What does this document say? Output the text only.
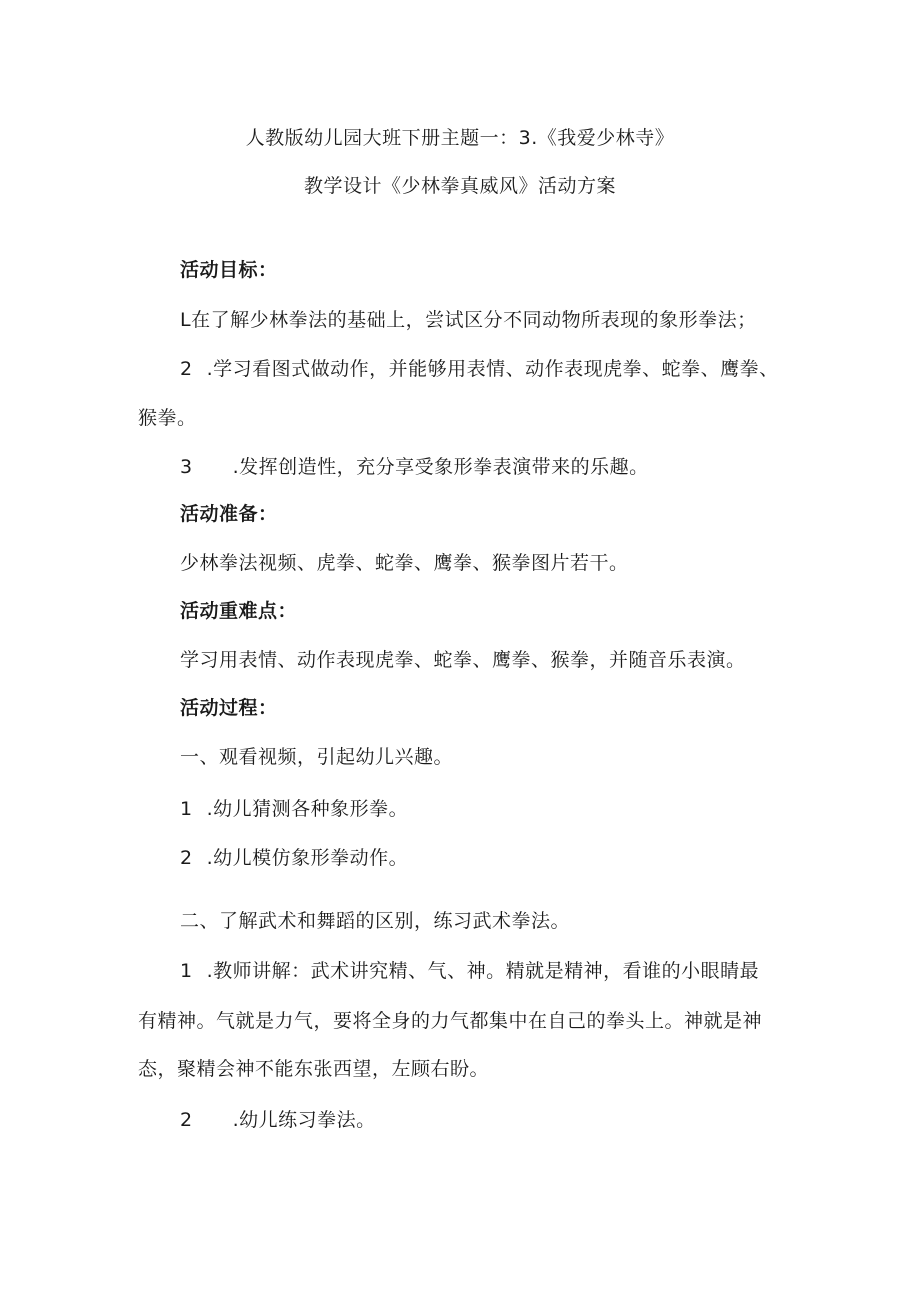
人教版幼儿园大班下册主题一：3.《我爱少林寺》
教学设计《少林拳真威风》活动方案
活动目标：
L在了解少林拳法的基础上，尝试区分不同动物所表现的象形拳法；
2 .学习看图式做动作，并能够用表情、动作表现虎拳、蛇拳、鹰拳、
猴拳。
3 .发挥创造性，充分享受象形拳表演带来的乐趣。
活动准备：
少林拳法视频、虎拳、蛇拳、鹰拳、猴拳图片若干。
活动重难点：
学习用表情、动作表现虎拳、蛇拳、鹰拳、猴拳，并随音乐表演。
活动过程：
一、观看视频，引起幼儿兴趣。
1 .幼儿猜测各种象形拳。
2 .幼儿模仿象形拳动作。
二、了解武术和舞蹈的区别，练习武术拳法。
1 .教师讲解：武术讲究精、气、神。精就是精神，看谁的小眼睛最
有精神。气就是力气，要将全身的力气都集中在自己的拳头上。神就是神
态，聚精会神不能东张西望，左顾右盼。
2 .幼儿练习拳法。
